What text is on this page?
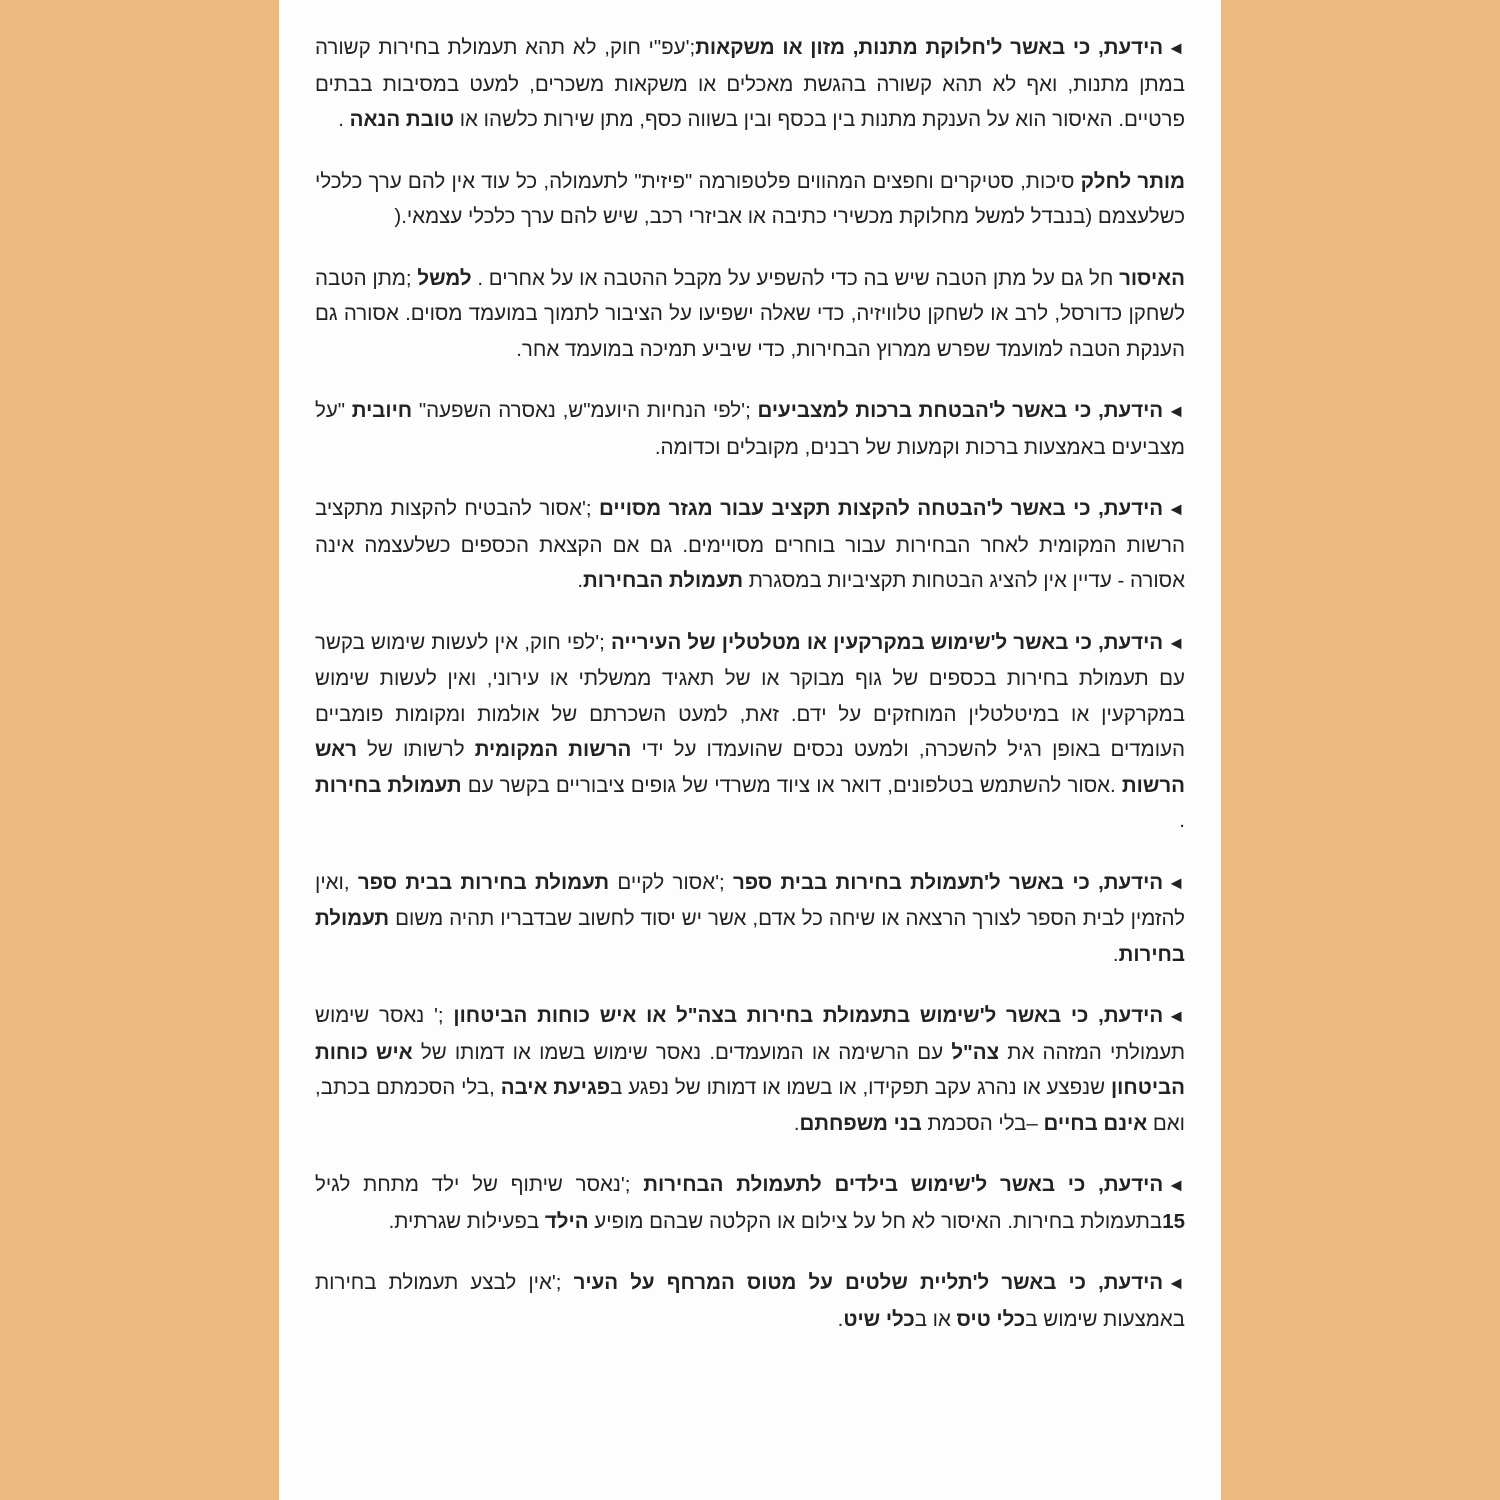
◄הידעת, כי באשר ל'חלוקת מתנות, מזון או משקאות;'עפ"י חוק, לא תהא תעמולת בחירות קשורה במתן מתנות, ואף לא תהא קשורה בהגשת מאכלים או משקאות משכרים, למעט במסיבות בבתים פרטיים. האיסור הוא על הענקת מתנות בין בכסף ובין בשווה כסף, מתן שירות כלשהו או טובת הנאה .

מותר לחלק סיכות, סטיקרים וחפצים המהווים פלטפורמה "פיזית" לתעמולה, כל עוד אין להם ערך כלכלי כשלעצמם (בנבדל למשל מחלוקת מכשירי כתיבה או אביזרי רכב, שיש להם ערך כלכלי עצמאי.(

האיסור חל גם על מתן הטבה שיש בה כדי להשפיע על מקבל ההטבה או על אחרים . למשל ;מתן הטבה לשחקן כדורסל, לרב או לשחקן טלוויזיה, כדי שאלה ישפיעו על הציבור לתמוך במועמד מסוים. אסורה גם הענקת הטבה למועמד שפרש ממרוץ הבחירות, כדי שיביע תמיכה במועמד אחר.

◄הידעת, כי באשר ל'הבטחת ברכות למצביעים ;'לפי הנחיות היועמ"ש, נאסרה השפעה" חיובית "על מצביעים באמצעות ברכות וקמעות של רבנים, מקובלים וכדומה.

◄הידעת, כי באשר ל'הבטחה להקצות תקציב עבור מגזר מסויים ;'אסור להבטיח להקצות מתקציב הרשות המקומית לאחר הבחירות עבור בוחרים מסויימים. גם אם הקצאת הכספים כשלעצמה אינה אסורה - עדיין אין להציג הבטחות תקציביות במסגרת תעמולת הבחירות.

◄הידעת, כי באשר ל'שימוש במקרקעין או מטלטלין של העירייה ;'לפי חוק, אין לעשות שימוש בקשר עם תעמולת בחירות בכספים של גוף מבוקר או של תאגיד ממשלתי או עירוני, ואין לעשות שימוש במקרקעין או במיטלטלין המוחזקים על ידם. זאת, למעט השכרתם של אולמות ומקומות פומביים העומדים באופן רגיל להשכרה, ולמעט נכסים שהועמדו על ידי הרשות המקומית לרשותו של ראש הרשות .אסור להשתמש בטלפונים, דואר או ציוד משרדי של גופים ציבוריים בקשר עם תעמולת בחירות .

◄הידעת, כי באשר ל'תעמולת בחירות בבית ספר ;'אסור לקיים תעמולת בחירות בבית ספר ,ואין להזמין לבית הספר לצורך הרצאה או שיחה כל אדם, אשר יש יסוד לחשוב שבדבריו תהיה משום תעמולת בחירות.

◄הידעת, כי באשר ל'שימוש בתעמולת בחירות בצה"ל או איש כוחות הביטחון ;' נאסר שימוש תעמולתי המזהה את צה"ל עם הרשימה או המועמדים. נאסר שימוש בשמו או דמותו של איש כוחות הביטחון שנפצע או נהרג עקב תפקידו, או בשמו או דמותו של נפגע בפגיעת איבה ,בלי הסכמתם בכתב, ואם אינם בחיים –בלי הסכמת בני משפחתם.

◄הידעת, כי באשר ל'שימוש בילדים לתעמולת הבחירות ;'נאסר שיתוף של ילד מתחת לגיל 15בתעמולת בחירות. האיסור לא חל על צילום או הקלטה שבהם מופיע הילד בפעילות שגרתית.

◄הידעת, כי באשר ל'תליית שלטים על מטוס המרחף על העיר ;'אין לבצע תעמולת בחירות באמצעות שימוש בכלי טיס או בכלי שיט.
